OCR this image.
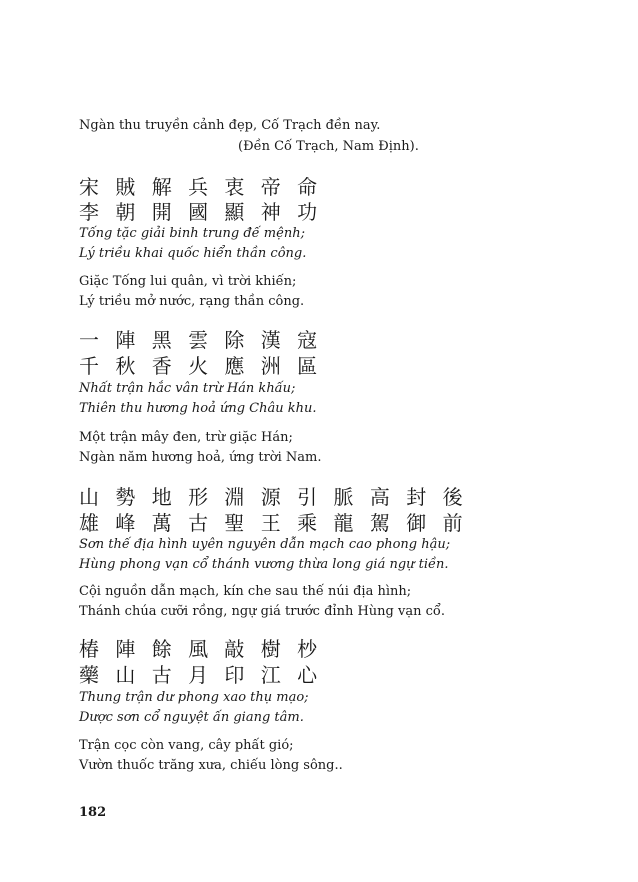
Ngàn thu truyền cảnh đẹp, Cố Trạch đền nay.
(Đền Cố Trạch, Nam Định).
宋 賊 解 兵 衷 帝 命
李 朝 開 國 顯 神 功
Tống tặc giải binh trung đế mệnh;
Lý triều khai quốc hiển thần công.
Giặc Tống lui quân, vì trời khiến;
Lý triều mở nước, rạng thần công.
一 陣 黑 雲 除 漢 寇
千 秋 香 火 應 洲 區
Nhất trận hắc vân trừ Hán khấu;
Thiên thu hương hoả ứng Châu khu.
Một trận mây đen, trừ giặc Hán;
Ngàn năm hương hoả, ứng trời Nam.
山 勢 地 形 淵 源 引 脈 高 封 後
雄 峰 萬 古 聖 王 乘 龍 駕 御 前
Sơn thế địa hình uyên nguyên dẫn mạch cao phong hậu;
Hùng phong vạn cổ thánh vương thừa long giá ngự tiền.
Cội nguồn dẫn mạch, kín che sau thế núi địa hình;
Thánh chúa cưỡi rồng, ngự giá trước đỉnh Hùng vạn cổ.
椿 陣 餘 風 敲 樹 杪
藥 山 古 月 印 江 心
Thung trận dư phong xao thụ mạo;
Dược sơn cổ nguyệt ấn giang tâm.
Trận cọc còn vang, cây phất gió;
Vườn thuốc trăng xưa, chiếu lòng sông..
182
